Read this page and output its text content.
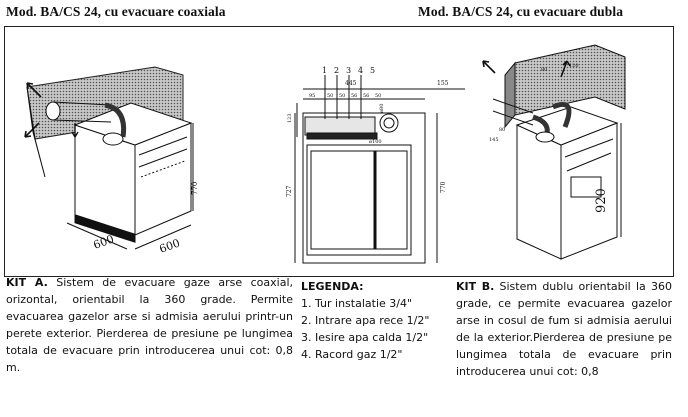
Mod. BA/CS 24, cu evacuare coaxiala	Mod. BA/CS 24, cu evacuare dubla
600	600
770
1 2 3 4 5
445	155
95 50 50 56 56 50
123
727	770
ø80
ø100
920
80
120
145
80
KIT A. Sistem de evacuare gaze arse coaxial, orizontal, orientabil la 360 grade. Permite evacuarea gazelor arse si admisia aerului printr-un perete exterior. Pierderea de presiune pe lungimea totala de evacuare prin introducerea unui cot: 0,8 m.
LEGENDA:
1. Tur instalatie 3/4"
2. Intrare apa rece 1/2"
3. Iesire apa calda 1/2"
4. Racord gaz 1/2"
KIT B. Sistem dublu orientabil la 360 grade, ce permite evacuarea gazelor arse in cosul de fum si admisia aerului de la exterior.Pierderea de presiune pe lungimea totala de evacuare prin introducerea unui cot: 0,8
